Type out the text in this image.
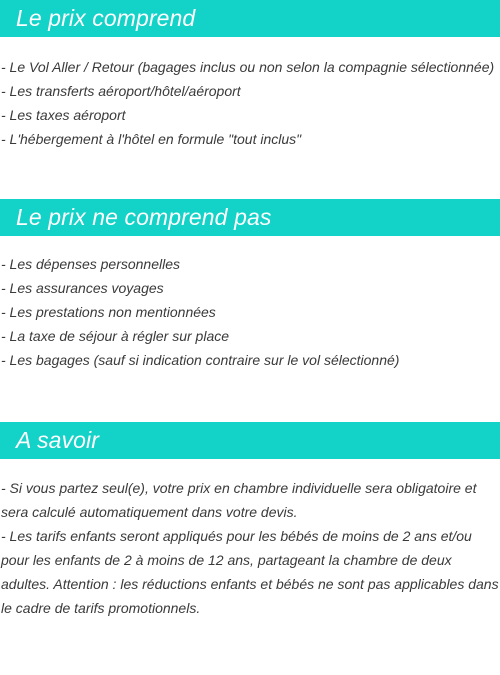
Le prix comprend
- Le Vol Aller / Retour (bagages inclus ou non selon la compagnie sélectionnée)
- Les transferts aéroport/hôtel/aéroport
- Les taxes aéroport
- L'hébergement à l'hôtel en formule "tout inclus"
Le prix ne comprend pas
- Les dépenses personnelles
- Les assurances voyages
- Les prestations non mentionnées
- La taxe de séjour à régler sur place
- Les bagages (sauf si indication contraire sur le vol sélectionné)
A savoir

- Si vous partez seul(e), votre prix en chambre individuelle sera obligatoire et sera calculé automatiquement dans votre devis.

- Les tarifs enfants seront appliqués pour les bébés de moins de 2 ans et/ou pour les enfants de 2 à moins de 12 ans, partageant la chambre de deux adultes. Attention : les réductions enfants et bébés ne sont pas applicables dans le cadre de tarifs promotionnels.
